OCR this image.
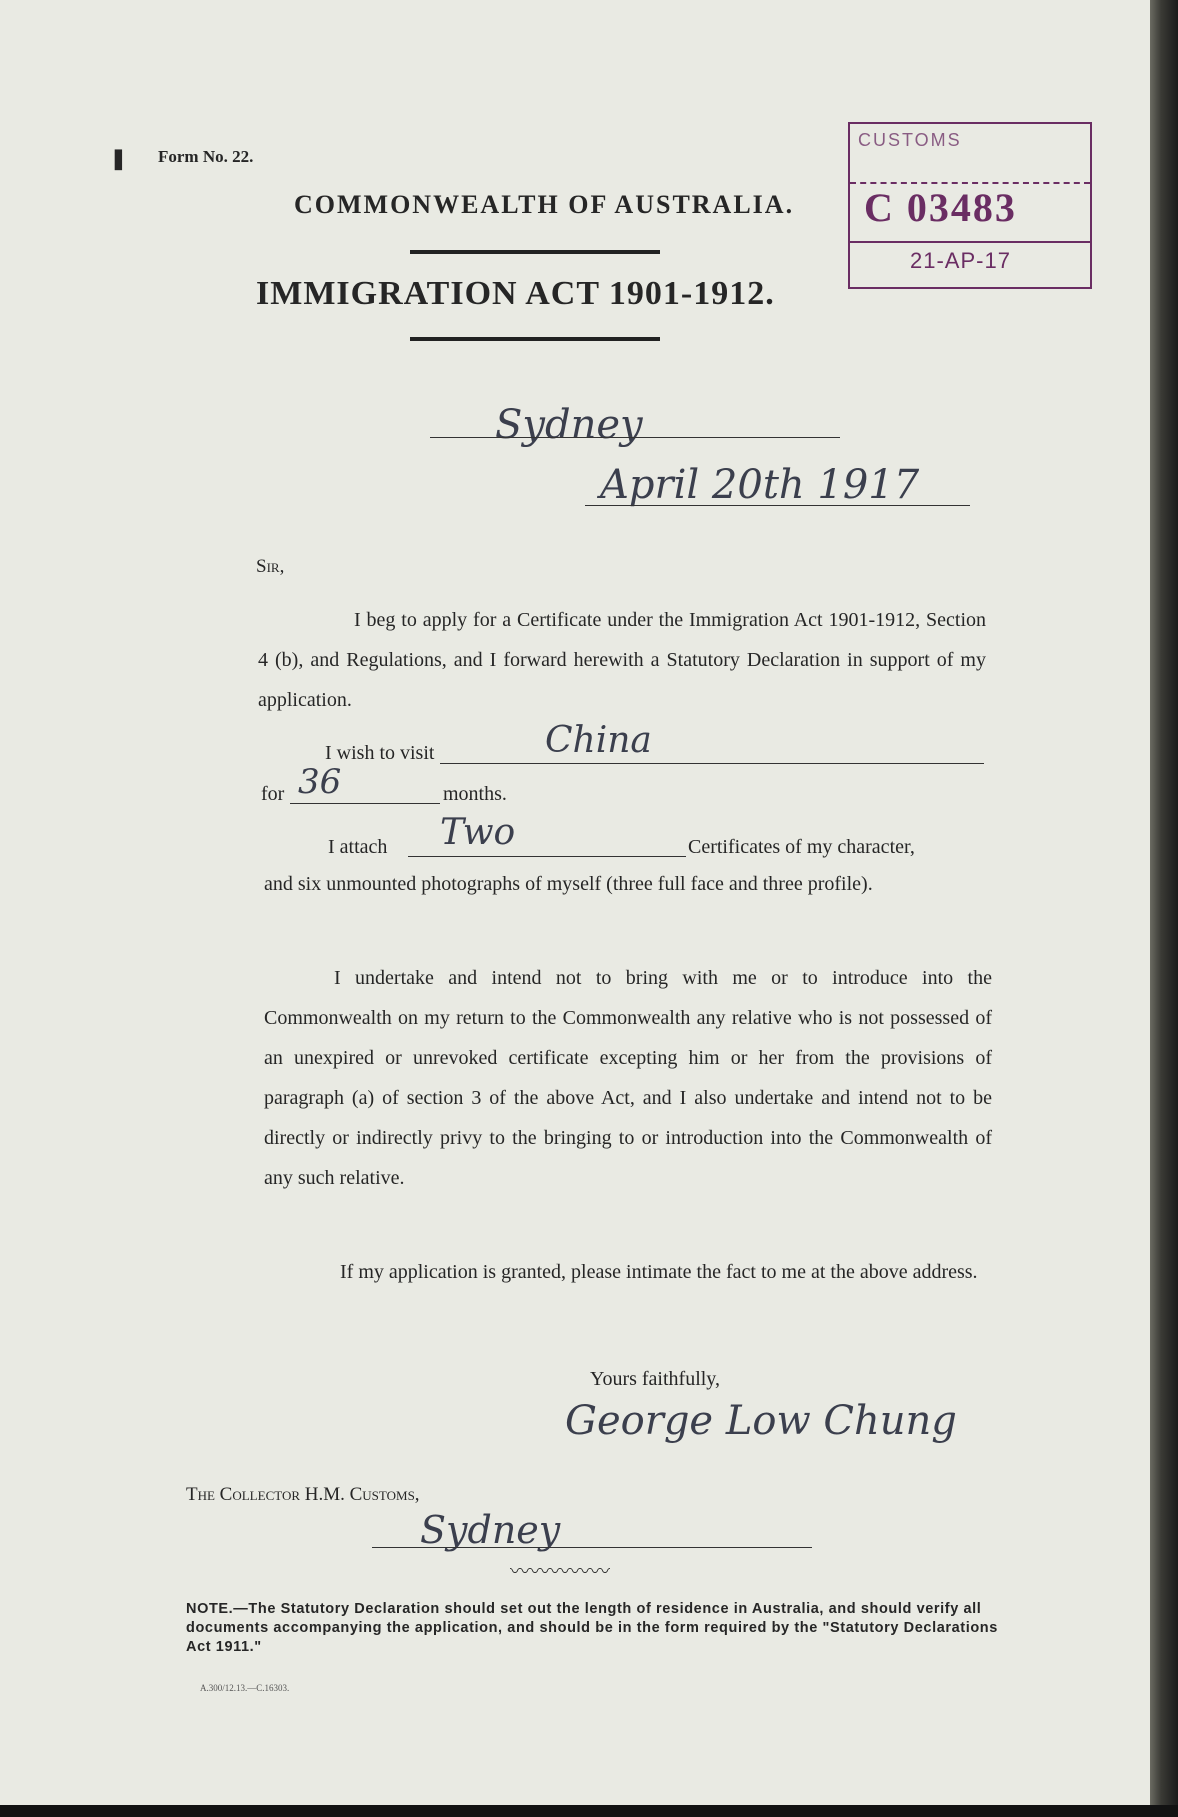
❚ Form No. 22.
COMMONWEALTH OF AUSTRALIA.
IMMIGRATION ACT 1901-1912.
CUSTOMS
C 03483
21-AP-17
Sydney
April 20th 1917
Sir,
I beg to apply for a Certificate under the Immigration Act 1901-1912, Section 4 (b), and Regulations, and I forward herewith a Statutory Declaration in support of my application.
I wish to visit	China
for 36	months.
I attach Two	Certificates of my character,
and six unmounted photographs of myself (three full face and three profile).
I undertake and intend not to bring with me or to introduce into the Commonwealth on my return to the Commonwealth any relative who is not possessed of an unexpired or unrevoked certificate excepting him or her from the provisions of paragraph (a) of section 3 of the above Act, and I also undertake and intend not to be directly or indirectly privy to the bringing to or introduction into the Commonwealth of any such relative.
If my application is granted, please intimate the fact to me at the above address.
Yours faithfully,
George Low Chung
The Collector H.M. Customs,
Sydney
〰〰〰〰〰
NOTE.—The Statutory Declaration should set out the length of residence in Australia, and should verify all documents accompanying the application, and should be in the form required by the "Statutory Declarations Act 1911."
A.300/12.13.—C.16303.
